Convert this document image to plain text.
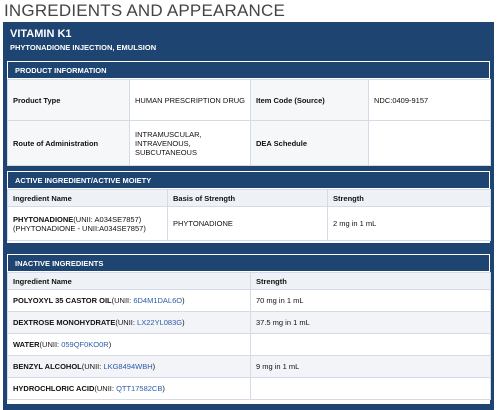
INGREDIENTS AND APPEARANCE
VITAMIN K1
PHYTONADIONE INJECTION, EMULSION
PRODUCT INFORMATION
Product Type	HUMAN PRESCRIPTION DRUG	Item Code (Source)	NDC:0409-9157
Route of Administration	INTRAMUSCULAR, INTRAVENOUS, SUBCUTANEOUS	DEA Schedule	
ACTIVE INGREDIENT/ACTIVE MOIETY
Ingredient Name	Basis of Strength	Strength
PHYTONADIONE(UNII: A034SE7857)
(PHYTONADIONE - UNII:A034SE7857)	PHYTONADIONE	2 mg in 1 mL
INACTIVE INGREDIENTS
Ingredient Name	Strength
POLYOXYL 35 CASTOR OIL(UNII: 6D4M1DAL6O)	70 mg in 1 mL
DEXTROSE MONOHYDRATE(UNII: LX22YL083G)	37.5 mg in 1 mL
WATER(UNII: 059QF0KO0R)	
BENZYL ALCOHOL(UNII: LKG8494WBH)	9 mg in 1 mL
HYDROCHLORIC ACID(UNII: QTT17582CB)	
